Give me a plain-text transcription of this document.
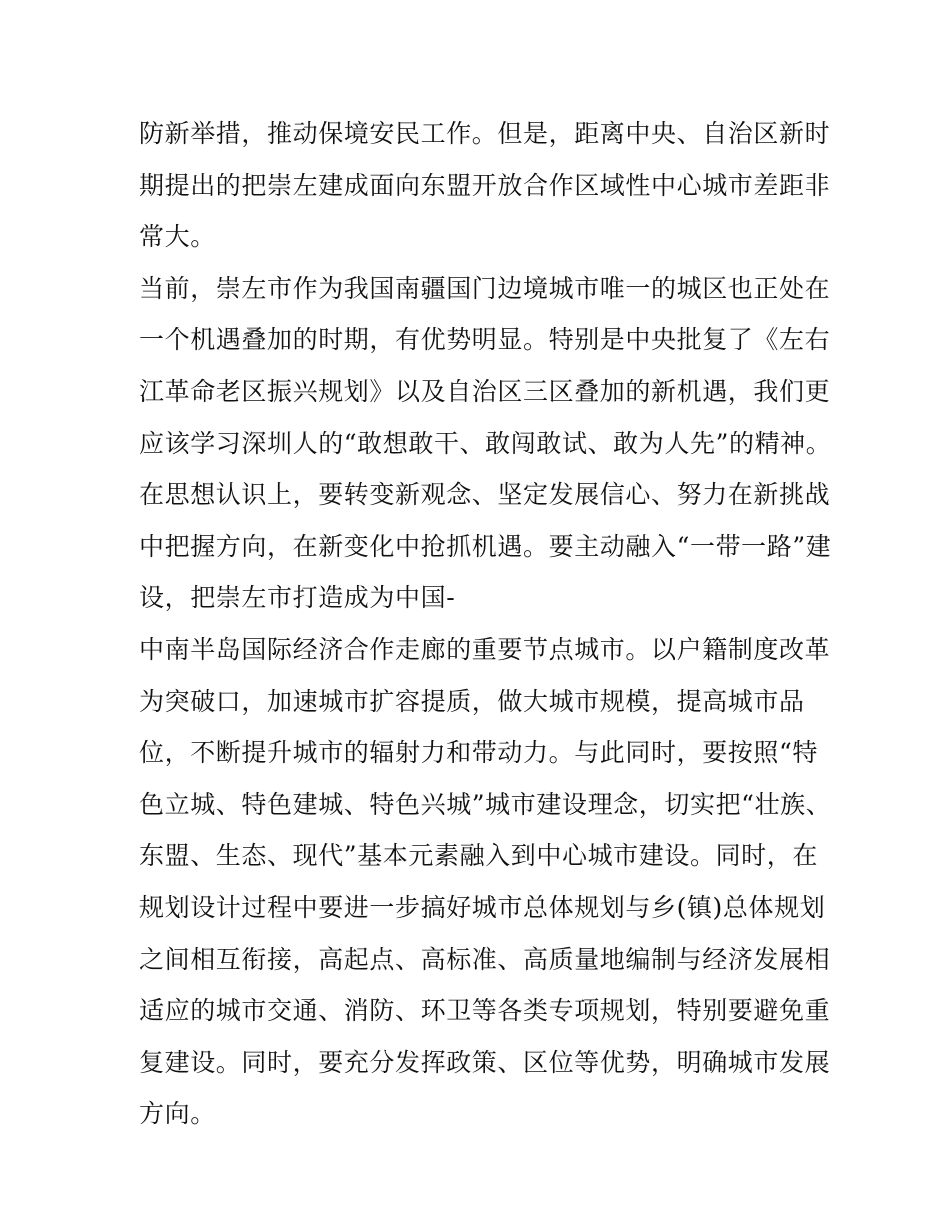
防新举措，推动保境安民工作。但是，距离中央、自治区新时
期提出的把崇左建成面向东盟开放合作区域性中心城市差距非
常大。
当前，崇左市作为我国南疆国门边境城市唯一的城区也正处在
一个机遇叠加的时期，有优势明显。特别是中央批复了《左右
江革命老区振兴规划》以及自治区三区叠加的新机遇，我们更
应该学习深圳人的“敢想敢干、敢闯敢试、敢为人先”的精神。
在思想认识上，要转变新观念、坚定发展信心、努力在新挑战
中把握方向，在新变化中抢抓机遇。要主动融入“一带一路”建
设，把崇左市打造成为中国-
中南半岛国际经济合作走廊的重要节点城市。以户籍制度改革
为突破口，加速城市扩容提质，做大城市规模，提高城市品
位，不断提升城市的辐射力和带动力。与此同时，要按照“特
色立城、特色建城、特色兴城”城市建设理念，切实把“壮族、
东盟、生态、现代”基本元素融入到中心城市建设。同时，在
规划设计过程中要进一步搞好城市总体规划与乡(镇)总体规划
之间相互衔接，高起点、高标准、高质量地编制与经济发展相
适应的城市交通、消防、环卫等各类专项规划，特别要避免重
复建设。同时，要充分发挥政策、区位等优势，明确城市发展
方向。
